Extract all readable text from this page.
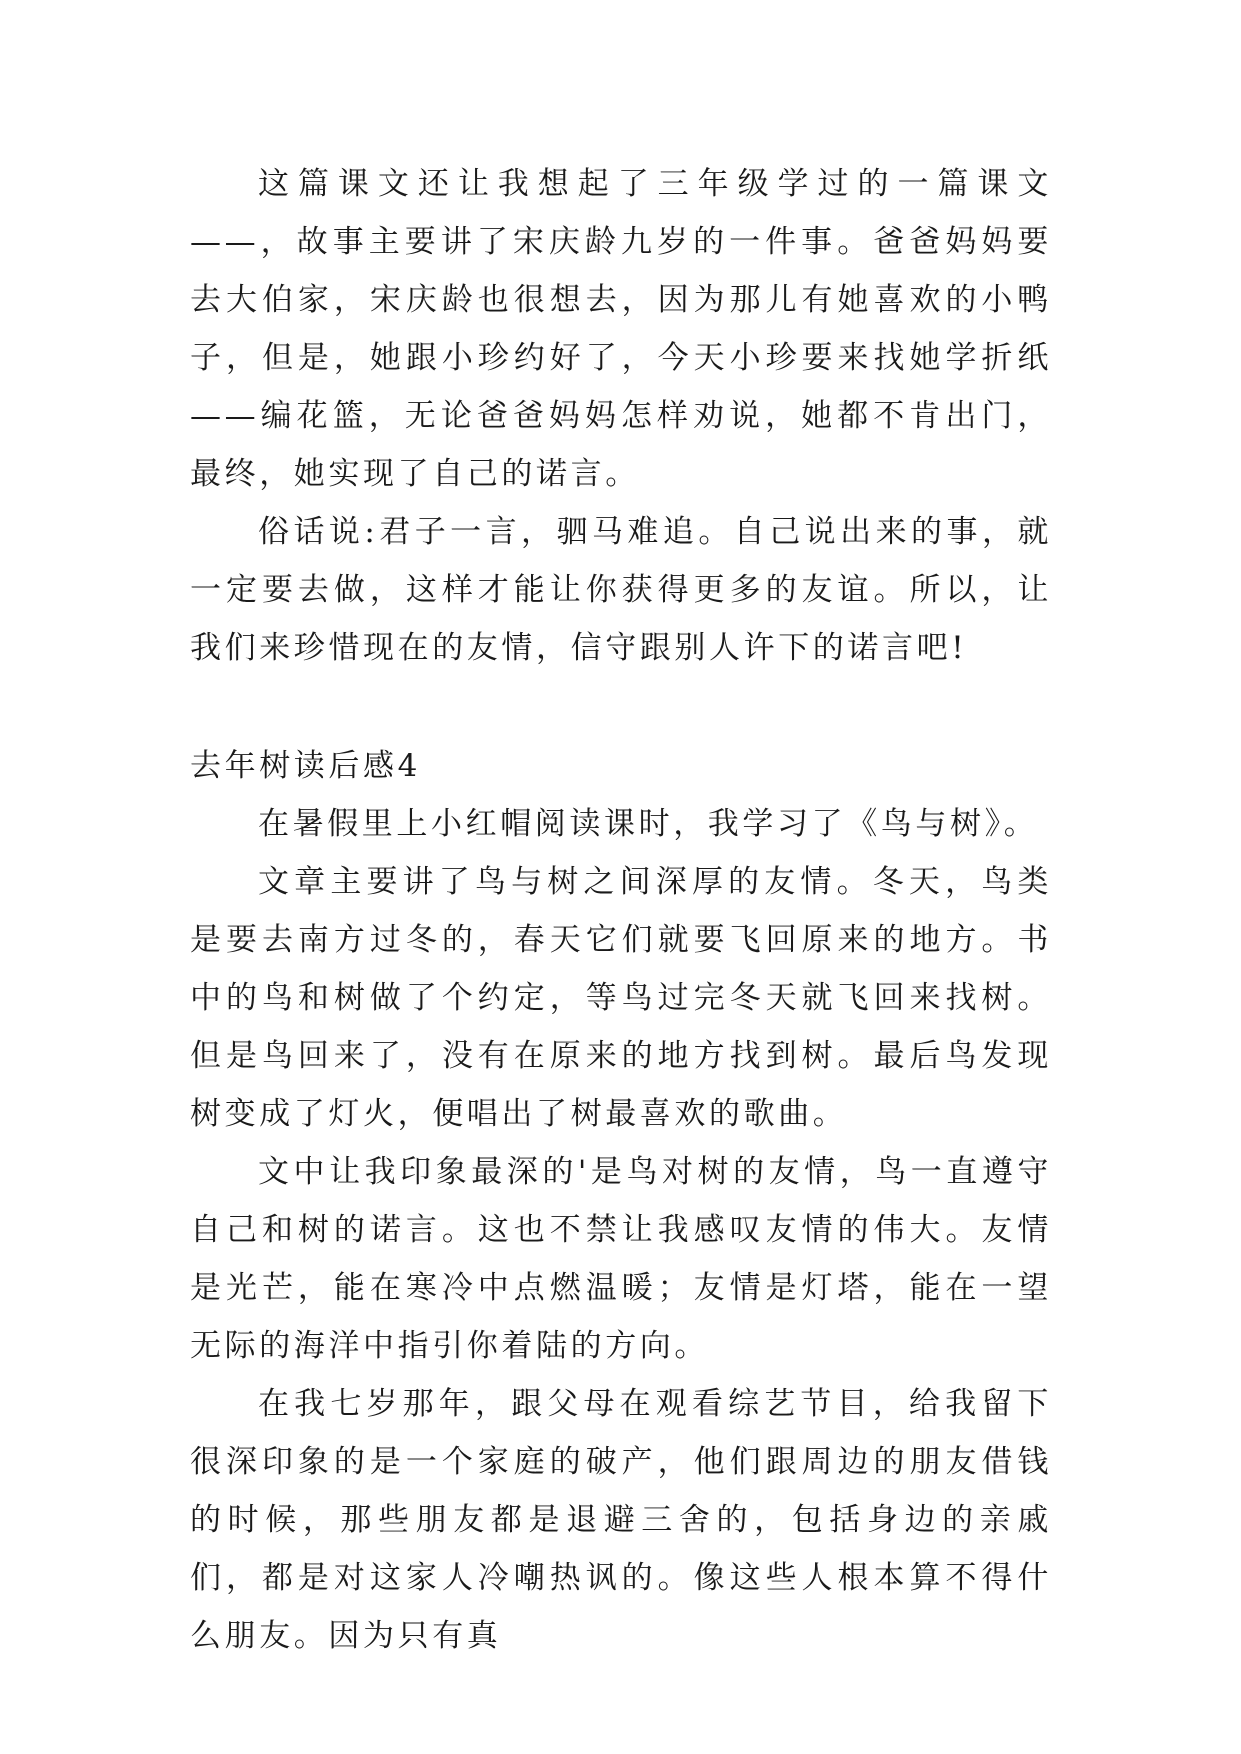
这篇课文还让我想起了三年级学过的一篇课文——，故事主要讲了宋庆龄九岁的一件事。爸爸妈妈要去大伯家，宋庆龄也很想去，因为那儿有她喜欢的小鸭子，但是，她跟小珍约好了，今天小珍要来找她学折纸——编花篮，无论爸爸妈妈怎样劝说，她都不肯出门，最终，她实现了自己的诺言。

俗话说:君子一言，驷马难追。自己说出来的事，就一定要去做，这样才能让你获得更多的友谊。所以，让我们来珍惜现在的友情，信守跟别人许下的诺言吧!

去年树读后感4

在暑假里上小红帽阅读课时，我学习了《鸟与树》。

文章主要讲了鸟与树之间深厚的友情。冬天，鸟类是要去南方过冬的，春天它们就要飞回原来的地方。书中的鸟和树做了个约定，等鸟过完冬天就飞回来找树。但是鸟回来了，没有在原来的地方找到树。最后鸟发现树变成了灯火，便唱出了树最喜欢的歌曲。

文中让我印象最深的'是鸟对树的友情，鸟一直遵守自己和树的诺言。这也不禁让我感叹友情的伟大。友情是光芒，能在寒冷中点燃温暖；友情是灯塔，能在一望无际的海洋中指引你着陆的方向。

在我七岁那年，跟父母在观看综艺节目，给我留下很深印象的是一个家庭的破产，他们跟周边的朋友借钱的时候，那些朋友都是退避三舍的，包括身边的亲戚们，都是对这家人冷嘲热讽的。像这些人根本算不得什么朋友。因为只有真
